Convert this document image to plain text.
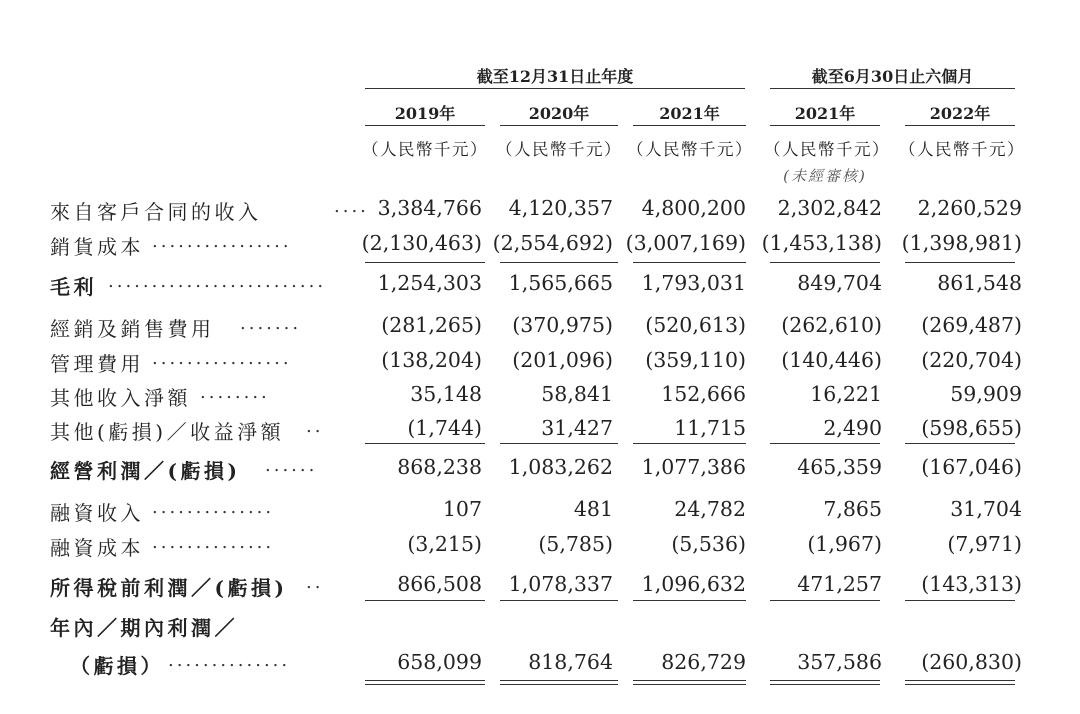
截至12月31日止年度	截至6月30日止六個月
2019年	2020年	2021年	2021年	2022年
（人民幣千元） （人民幣千元） （人民幣千元） （人民幣千元） （人民幣千元）
(未經審核)
來自客戶合同的收入	.... 3,384,766	4,120,357	4,800,200	2,302,842	2,260,529
銷貨成本 ................	(2,130,463) (2,554,692) (3,007,169) (1,453,138) (1,398,981)
毛利 .........................	1,254,303	1,565,665	1,793,031	849,704	861,548
經銷及銷售費用 .......	(281,265)	(370,975)	(520,613)	(262,610)	(269,487)
管理費用 ................	(138,204)	(201,096)	(359,110)	(140,446)	(220,704)
其他收入淨額 ........	35,148	58,841	152,666	16,221	59,909
其他(虧損)／收益淨額 ..	(1,744)	31,427	11,715	2,490	(598,655)
經營利潤／(虧損) ......	868,238	1,083,262	1,077,386	465,359	(167,046)
融資收入 ..............	107	481	24,782	7,865	31,704
融資成本 ..............	(3,215)	(5,785)	(5,536)	(1,967)	(7,971)
所得稅前利潤／(虧損) ..	866,508	1,078,337	1,096,632	471,257	(143,313)
年內／期內利潤／
（虧損） ..............	658,099	818,764	826,729	357,586	(260,830)
